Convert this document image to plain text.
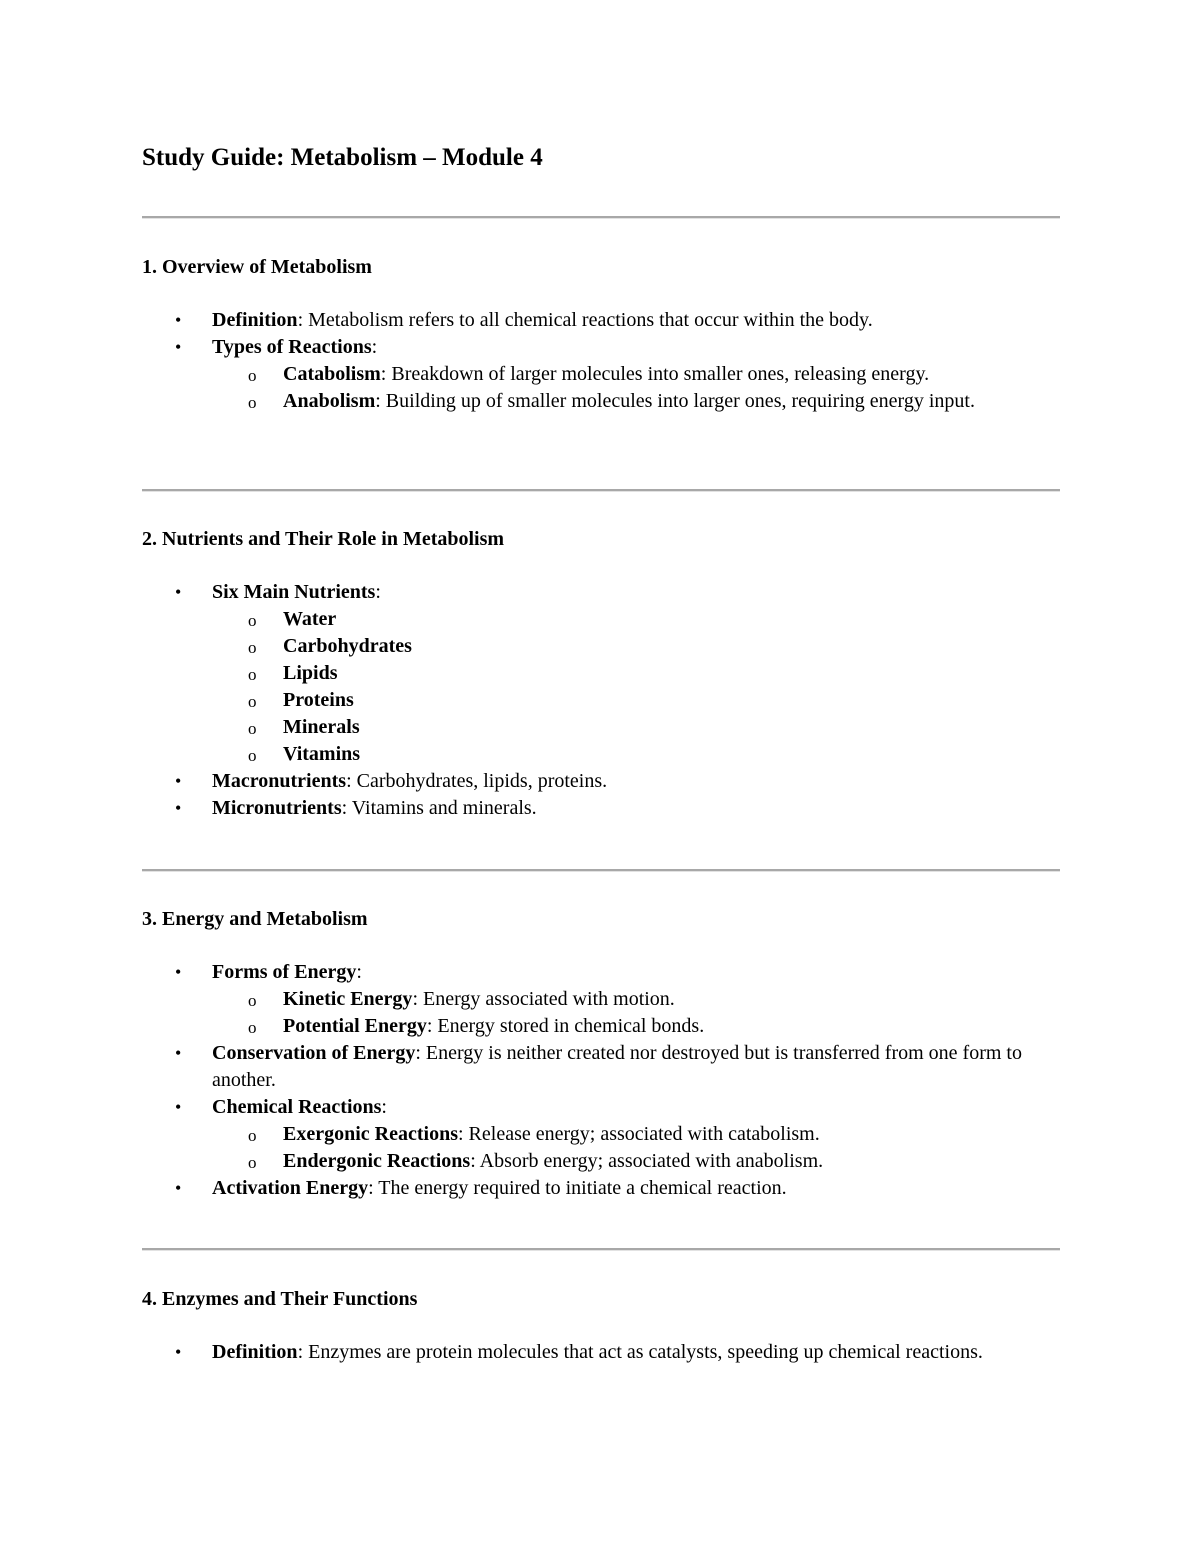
Study Guide: Metabolism – Module 4
1. Overview of Metabolism
• Definition: Metabolism refers to all chemical reactions that occur within the body.
• Types of Reactions:
o Catabolism: Breakdown of larger molecules into smaller ones, releasing energy.
o Anabolism: Building up of smaller molecules into larger ones, requiring energy input.
2. Nutrients and Their Role in Metabolism
• Six Main Nutrients:
o Water
o Carbohydrates
o Lipids
o Proteins
o Minerals
o Vitamins
• Macronutrients: Carbohydrates, lipids, proteins.
• Micronutrients: Vitamins and minerals.
3. Energy and Metabolism
• Forms of Energy:
o Kinetic Energy: Energy associated with motion.
o Potential Energy: Energy stored in chemical bonds.
• Conservation of Energy: Energy is neither created nor destroyed but is transferred from one form to another.
• Chemical Reactions:
o Exergonic Reactions: Release energy; associated with catabolism.
o Endergonic Reactions: Absorb energy; associated with anabolism.
• Activation Energy: The energy required to initiate a chemical reaction.
4. Enzymes and Their Functions
• Definition: Enzymes are protein molecules that act as catalysts, speeding up chemical reactions.
